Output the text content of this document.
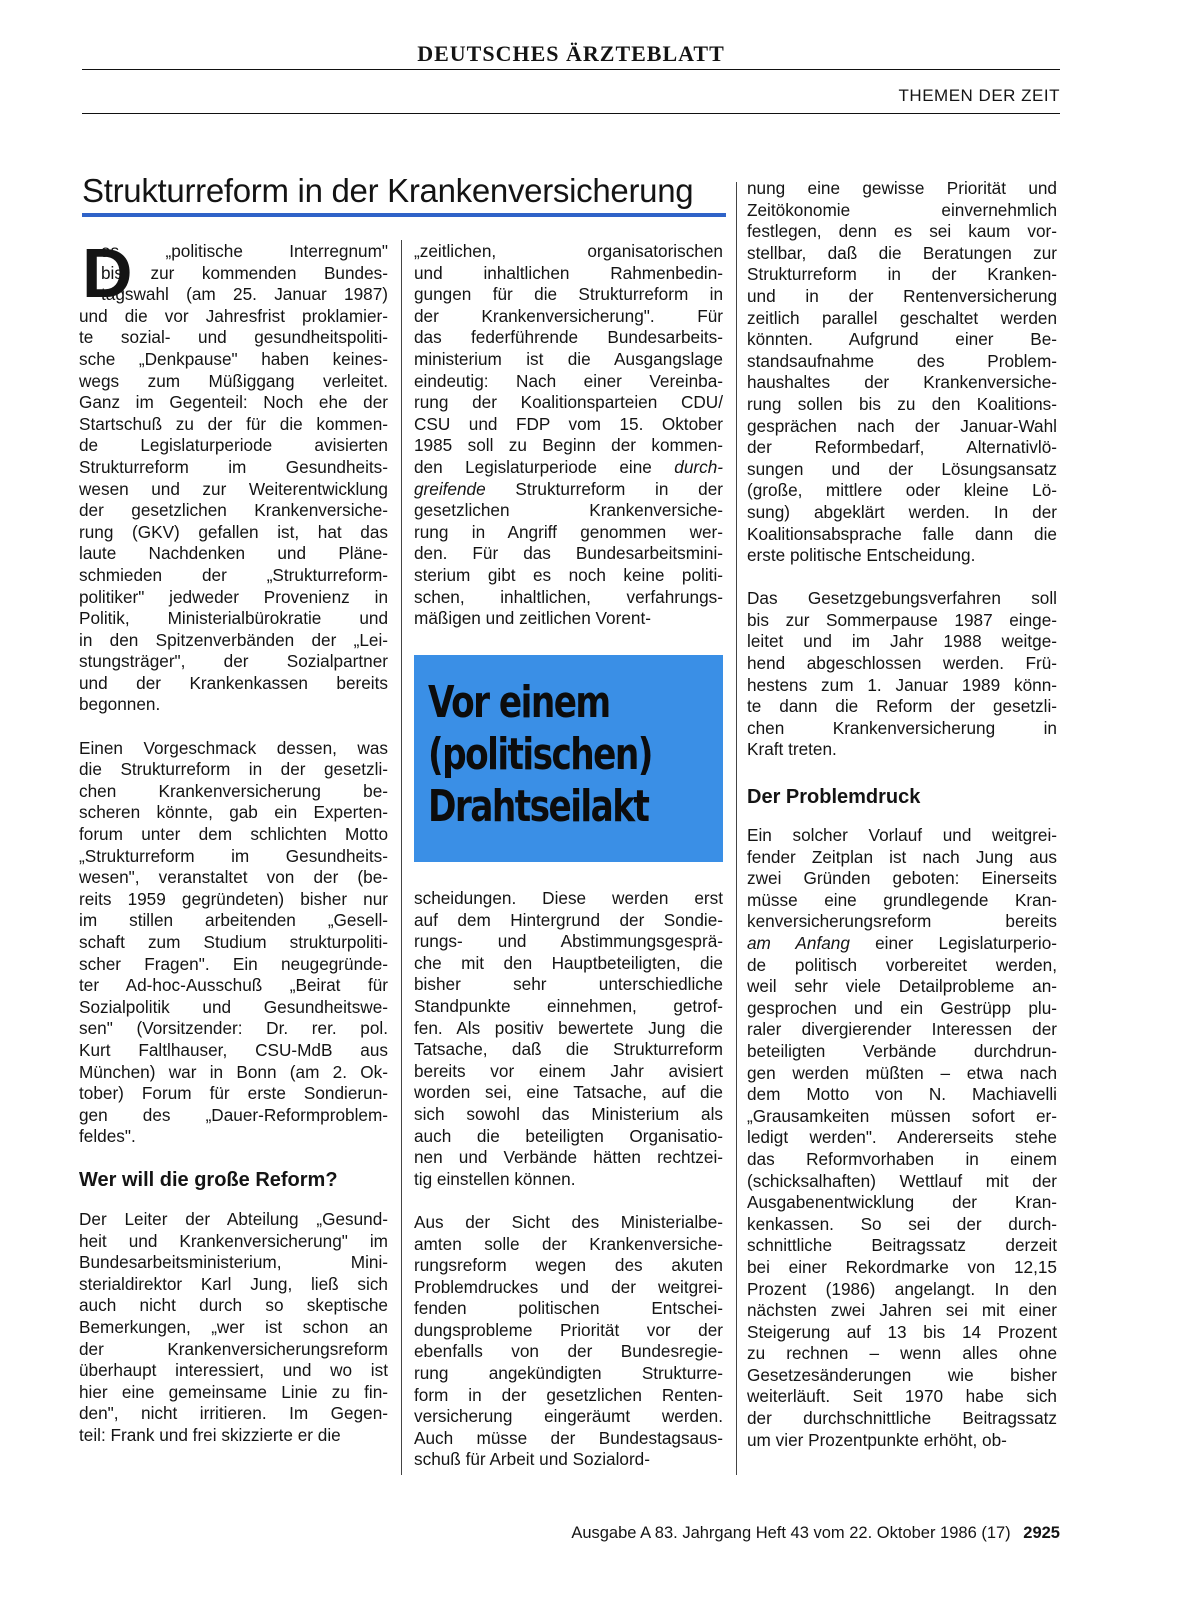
DEUTSCHES ÄRZTEBLATT
THEMEN DER ZEIT
Strukturreform in der Krankenversicherung
D
as „politische Interregnum"
bis zur kommenden Bundes-
tagswahl (am 25. Januar 1987)
und die vor Jahresfrist proklamier-
te sozial- und gesundheitspoliti-
sche „Denkpause" haben keines-
wegs zum Müßiggang verleitet.
Ganz im Gegenteil: Noch ehe der
Startschuß zu der für die kommen-
de Legislaturperiode avisierten
Strukturreform im Gesundheits-
wesen und zur Weiterentwicklung
der gesetzlichen Krankenversiche-
rung (GKV) gefallen ist, hat das
laute Nachdenken und Pläne-
schmieden der „Strukturreform-
politiker" jedweder Provenienz in
Politik, Ministerialbürokratie und
in den Spitzenverbänden der „Lei-
stungsträger", der Sozialpartner
und der Krankenkassen bereits
begonnen.
Einen Vorgeschmack dessen, was
die Strukturreform in der gesetzli-
chen Krankenversicherung be-
scheren könnte, gab ein Experten-
forum unter dem schlichten Motto
„Strukturreform im Gesundheits-
wesen", veranstaltet von der (be-
reits 1959 gegründeten) bisher nur
im stillen arbeitenden „Gesell-
schaft zum Studium strukturpoliti-
scher Fragen". Ein neugegründe-
ter Ad-hoc-Ausschuß „Beirat für
Sozialpolitik und Gesundheitswe-
sen" (Vorsitzender: Dr. rer. pol.
Kurt Faltlhauser, CSU-MdB aus
München) war in Bonn (am 2. Ok-
tober) Forum für erste Sondierun-
gen des „Dauer-Reformproblem-
feldes".
Wer will die große Reform?
Der Leiter der Abteilung „Gesund-
heit und Krankenversicherung" im
Bundesarbeitsministerium, Mini-
sterialdirektor Karl Jung, ließ sich
auch nicht durch so skeptische
Bemerkungen, „wer ist schon an
der Krankenversicherungsreform
überhaupt interessiert, und wo ist
hier eine gemeinsame Linie zu fin-
den", nicht irritieren. Im Gegen-
teil: Frank und frei skizzierte er die
„zeitlichen, organisatorischen
und inhaltlichen Rahmenbedin-
gungen für die Strukturreform in
der Krankenversicherung". Für
das federführende Bundesarbeits-
ministerium ist die Ausgangslage
eindeutig: Nach einer Vereinba-
rung der Koalitionsparteien CDU/
CSU und FDP vom 15. Oktober
1985 soll zu Beginn der kommen-
den Legislaturperiode eine durch-
greifende Strukturreform in der
gesetzlichen Krankenversiche-
rung in Angriff genommen wer-
den. Für das Bundesarbeitsmini-
sterium gibt es noch keine politi-
schen, inhaltlichen, verfahrungs-
mäßigen und zeitlichen Vorent-
Vor einem
(politischen)
Drahtseilakt
scheidungen. Diese werden erst
auf dem Hintergrund der Sondie-
rungs- und Abstimmungsgesprä-
che mit den Hauptbeteiligten, die
bisher sehr unterschiedliche
Standpunkte einnehmen, getrof-
fen. Als positiv bewertete Jung die
Tatsache, daß die Strukturreform
bereits vor einem Jahr avisiert
worden sei, eine Tatsache, auf die
sich sowohl das Ministerium als
auch die beteiligten Organisatio-
nen und Verbände hätten rechtzei-
tig einstellen können.
Aus der Sicht des Ministerialbe-
amten solle der Krankenversiche-
rungsreform wegen des akuten
Problemdruckes und der weitgrei-
fenden politischen Entschei-
dungsprobleme Priorität vor der
ebenfalls von der Bundesregie-
rung angekündigten Strukturre-
form in der gesetzlichen Renten-
versicherung eingeräumt werden.
Auch müsse der Bundestagsaus-
schuß für Arbeit und Sozialord-
nung eine gewisse Priorität und
Zeitökonomie einvernehmlich
festlegen, denn es sei kaum vor-
stellbar, daß die Beratungen zur
Strukturreform in der Kranken-
und in der Rentenversicherung
zeitlich parallel geschaltet werden
könnten. Aufgrund einer Be-
standsaufnahme des Problem-
haushaltes der Krankenversiche-
rung sollen bis zu den Koalitions-
gesprächen nach der Januar-Wahl
der Reformbedarf, Alternativlö-
sungen und der Lösungsansatz
(große, mittlere oder kleine Lö-
sung) abgeklärt werden. In der
Koalitionsabsprache falle dann die
erste politische Entscheidung.
Das Gesetzgebungsverfahren soll
bis zur Sommerpause 1987 einge-
leitet und im Jahr 1988 weitge-
hend abgeschlossen werden. Frü-
hestens zum 1. Januar 1989 könn-
te dann die Reform der gesetzli-
chen Krankenversicherung in
Kraft treten.
Der Problemdruck
Ein solcher Vorlauf und weitgrei-
fender Zeitplan ist nach Jung aus
zwei Gründen geboten: Einerseits
müsse eine grundlegende Kran-
kenversicherungsreform bereits
am Anfang einer Legislaturperio-
de politisch vorbereitet werden,
weil sehr viele Detailprobleme an-
gesprochen und ein Gestrüpp plu-
raler divergierender Interessen der
beteiligten Verbände durchdrun-
gen werden müßten – etwa nach
dem Motto von N. Machiavelli
„Grausamkeiten müssen sofort er-
ledigt werden". Andererseits stehe
das Reformvorhaben in einem
(schicksalhaften) Wettlauf mit der
Ausgabenentwicklung der Kran-
kenkassen. So sei der durch-
schnittliche Beitragssatz derzeit
bei einer Rekordmarke von 12,15
Prozent (1986) angelangt. In den
nächsten zwei Jahren sei mit einer
Steigerung auf 13 bis 14 Prozent
zu rechnen – wenn alles ohne
Gesetzesänderungen wie bisher
weiterläuft. Seit 1970 habe sich
der durchschnittliche Beitragssatz
um vier Prozentpunkte erhöht, ob-
Ausgabe A 83. Jahrgang Heft 43 vom 22. Oktober 1986 (17) 2925
